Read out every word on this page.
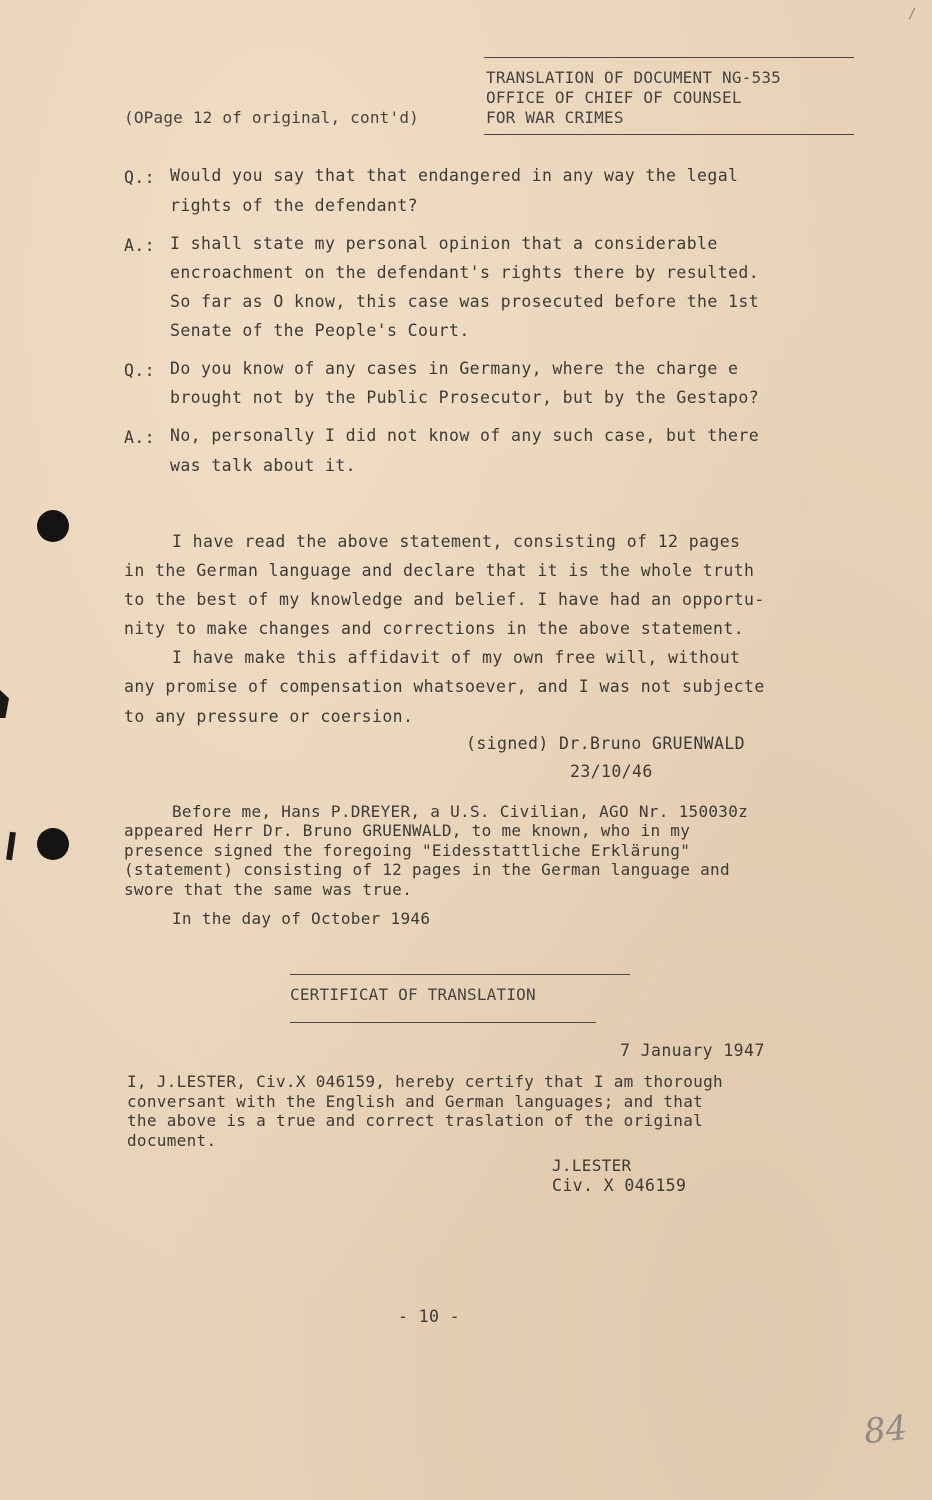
∕
(ОPage 12 of original, cont'd)
TRANSLATION OF DOCUMENT NG-535
OFFICE OF CHIEF OF COUNSEL
FOR WAR CRIMES
Q.: Would you say that that endangered in any way the legal
rights of the defendant?
A.: I shall state my personal opinion that a considerable
encroachment on the defendant's rights there by resulted.
So far as O know, this case was prosecuted before the 1st
Senate of the People's Court.
Q.: Do you know of any cases in Germany, where the charge e
brought not by the Public Prosecutor, but by the Gestapo?
A.: No, personally I did not know of any such case, but there
was talk about it.
I have read the above statement, consisting of 12 pages
in the German language and declare that it is the whole truth
to the best of my knowledge and belief. I have had an opportu-
nity to make changes and corrections in the above statement.
I have make this affidavit of my own free will, without
any promise of compensation whatsoever, and I was not subjecte
to any pressure or coersion.
(signed) Dr.Bruno GRUENWALD
23/10/46
Before me, Hans P.DREYER, a U.S. Civilian, AGO Nr. 150030z
appeared Herr Dr. Bruno GRUENWALD, to me known, who in my
presence signed the foregoing "Eidesstattliche Erklärung"
(statement) consisting of 12 pages in the German language and
swore that the same was true.
In the day of October 1946
CERTIFICAT OF TRANSLATION
7 January 1947
I, J.LESTER, Civ.X 046159, hereby certify that I am thorough
conversant with the English and German languages; and that
the above is a true and correct traslation of the original
document.
J.LESTER
Civ. X 046159
- 10 -
84
